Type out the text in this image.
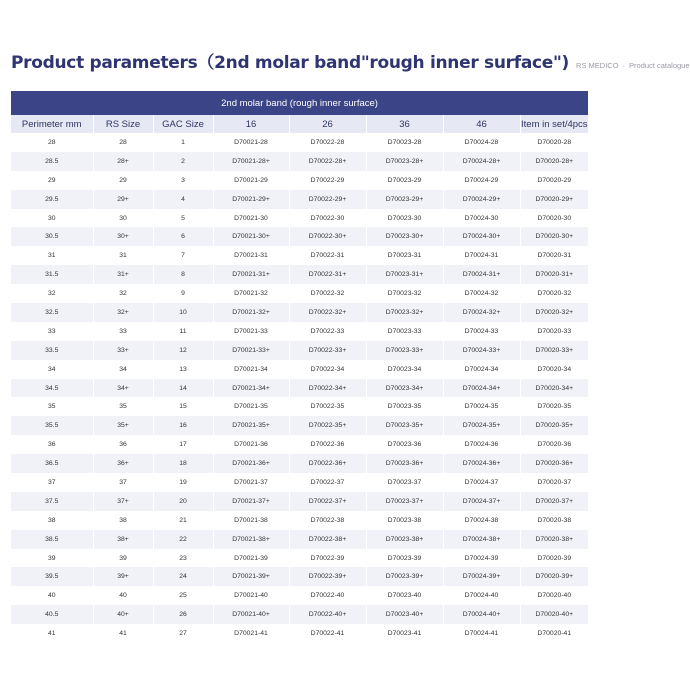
Product parameters（2nd molar band"rough inner surface") RS MEDICO · Product catalogue
2nd molar band (rough inner surface)							
Perimeter mm	RS Size	GAC Size	16	26	36	46	Item in set/4pcs
28	28	1	D70021-28	D70022-28	D70023-28	D70024-28	D70020-28
28.5	28+	2	D70021-28+	D70022-28+	D70023-28+	D70024-28+	D70020-28+
29	29	3	D70021-29	D70022-29	D70023-29	D70024-29	D70020-29
29.5	29+	4	D70021-29+	D70022-29+	D70023-29+	D70024-29+	D70020-29+
30	30	5	D70021-30	D70022-30	D70023-30	D70024-30	D70020-30
30.5	30+	6	D70021-30+	D70022-30+	D70023-30+	D70024-30+	D70020-30+
31	31	7	D70021-31	D70022-31	D70023-31	D70024-31	D70020-31
31.5	31+	8	D70021-31+	D70022-31+	D70023-31+	D70024-31+	D70020-31+
32	32	9	D70021-32	D70022-32	D70023-32	D70024-32	D70020-32
32.5	32+	10	D70021-32+	D70022-32+	D70023-32+	D70024-32+	D70020-32+
33	33	11	D70021-33	D70022-33	D70023-33	D70024-33	D70020-33
33.5	33+	12	D70021-33+	D70022-33+	D70023-33+	D70024-33+	D70020-33+
34	34	13	D70021-34	D70022-34	D70023-34	D70024-34	D70020-34
34.5	34+	14	D70021-34+	D70022-34+	D70023-34+	D70024-34+	D70020-34+
35	35	15	D70021-35	D70022-35	D70023-35	D70024-35	D70020-35
35.5	35+	16	D70021-35+	D70022-35+	D70023-35+	D70024-35+	D70020-35+
36	36	17	D70021-36	D70022-36	D70023-36	D70024-36	D70020-36
36.5	36+	18	D70021-36+	D70022-36+	D70023-36+	D70024-36+	D70020-36+
37	37	19	D70021-37	D70022-37	D70023-37	D70024-37	D70020-37
37.5	37+	20	D70021-37+	D70022-37+	D70023-37+	D70024-37+	D70020-37+
38	38	21	D70021-38	D70022-38	D70023-38	D70024-38	D70020-38
38.5	38+	22	D70021-38+	D70022-38+	D70023-38+	D70024-38+	D70020-38+
39	39	23	D70021-39	D70022-39	D70023-39	D70024-39	D70020-39
39.5	39+	24	D70021-39+	D70022-39+	D70023-39+	D70024-39+	D70020-39+
40	40	25	D70021-40	D70022-40	D70023-40	D70024-40	D70020-40
40.5	40+	26	D70021-40+	D70022-40+	D70023-40+	D70024-40+	D70020-40+
41	41	27	D70021-41	D70022-41	D70023-41	D70024-41	D70020-41
